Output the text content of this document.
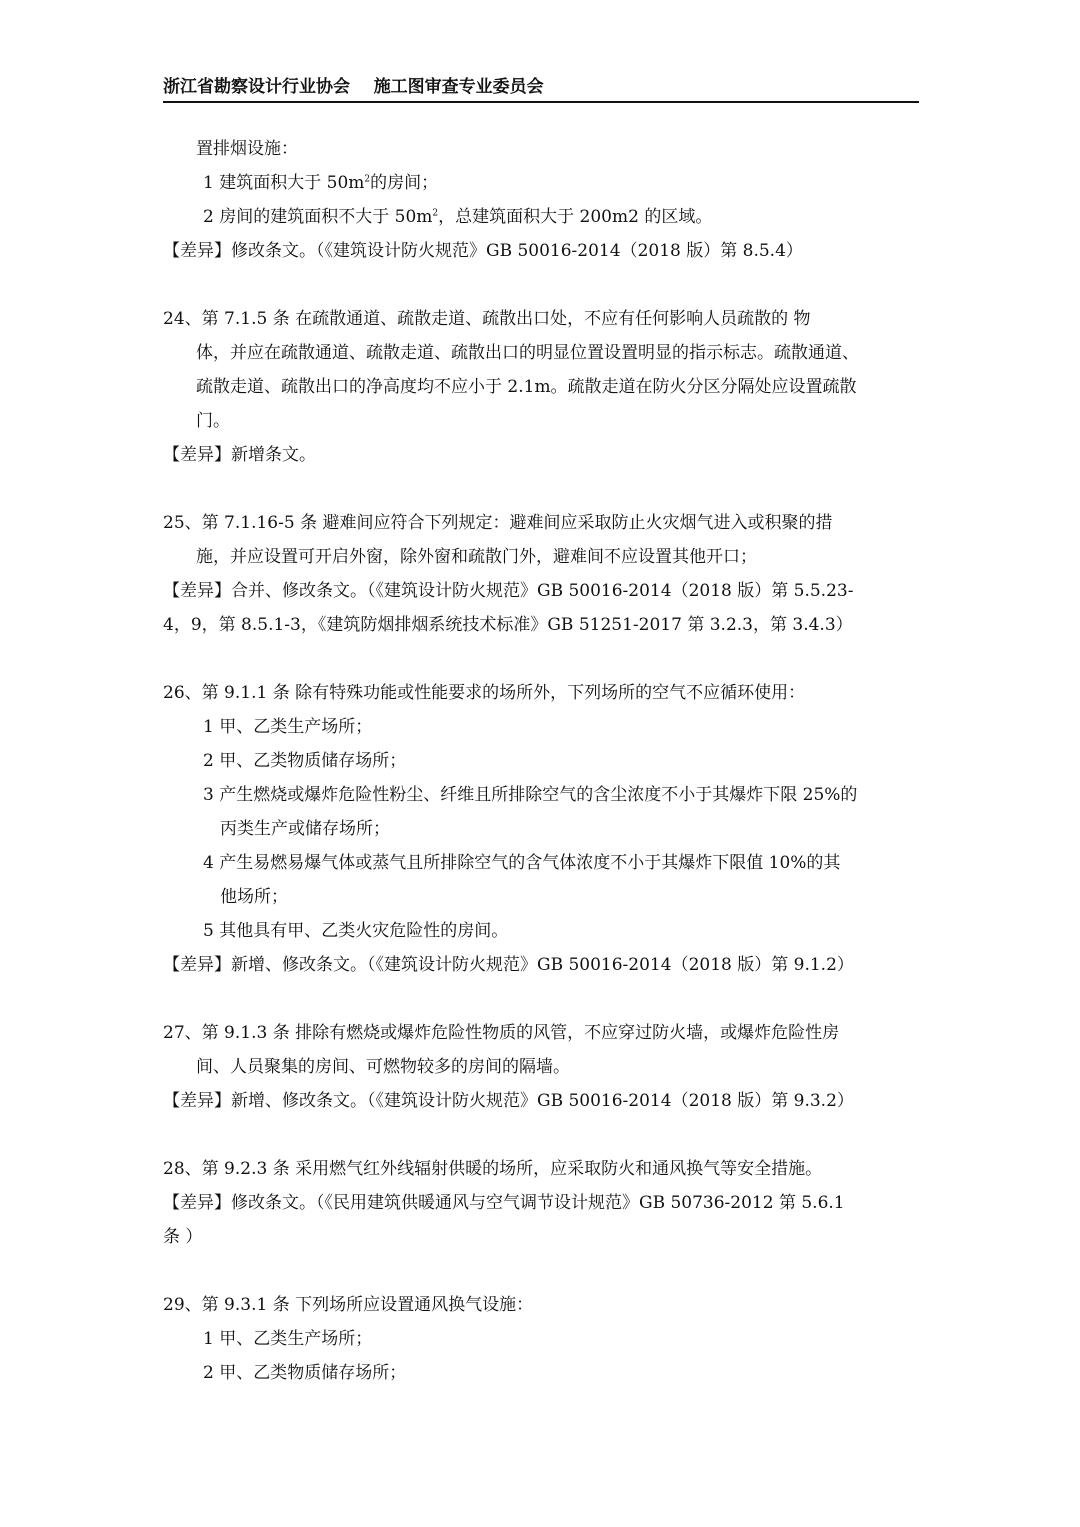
浙江省勘察设计行业协会 施工图审查专业委员会
置排烟设施：
1 建筑面积大于 $50m^2$的房间；
2 房间的建筑面积不大于 $50m^2$，总建筑面积大于 200m2 的区域。
【差异】修改条文。（《建筑设计防火规范》GB 50016-2014（2018 版）第 8.5.4）
24、第 7.1.5 条 在疏散通道、疏散走道、疏散出口处，不应有任何影响人员疏散的 物
体，并应在疏散通道、疏散走道、疏散出口的明显位置设置明显的指示标志。疏散通道、
疏散走道、疏散出口的净高度均不应小于 2.1m。疏散走道在防火分区分隔处应设置疏散
门。
【差异】新增条文。
25、第 7.1.16-5 条 避难间应符合下列规定：避难间应采取防止火灾烟气进入或积聚的措
施，并应设置可开启外窗，除外窗和疏散门外，避难间不应设置其他开口；
【差异】合并、修改条文。（《建筑设计防火规范》GB 50016-2014（2018 版）第 5.5.23-
4，9，第 8.5.1-3，《建筑防烟排烟系统技术标准》GB 51251-2017 第 3.2.3，第 3.4.3）
26、第 9.1.1 条 除有特殊功能或性能要求的场所外，下列场所的空气不应循环使用：
1 甲、乙类生产场所；
2 甲、乙类物质储存场所；
3 产生燃烧或爆炸危险性粉尘、纤维且所排除空气的含尘浓度不小于其爆炸下限 25%的
丙类生产或储存场所；
4 产生易燃易爆气体或蒸气且所排除空气的含气体浓度不小于其爆炸下限值 10%的其
他场所；
5 其他具有甲、乙类火灾危险性的房间。
【差异】新增、修改条文。（《建筑设计防火规范》GB 50016-2014（2018 版）第 9.1.2）
27、第 9.1.3 条 排除有燃烧或爆炸危险性物质的风管，不应穿过防火墙，或爆炸危险性房
间、人员聚集的房间、可燃物较多的房间的隔墙。
【差异】新增、修改条文。（《建筑设计防火规范》GB 50016-2014（2018 版）第 9.3.2）
28、第 9.2.3 条 采用燃气红外线辐射供暖的场所，应采取防火和通风换气等安全措施。
【差异】修改条文。（《民用建筑供暖通风与空气调节设计规范》GB 50736-2012 第 5.6.1
条 ）
29、第 9.3.1 条 下列场所应设置通风换气设施：
1 甲、乙类生产场所；
2 甲、乙类物质储存场所；
